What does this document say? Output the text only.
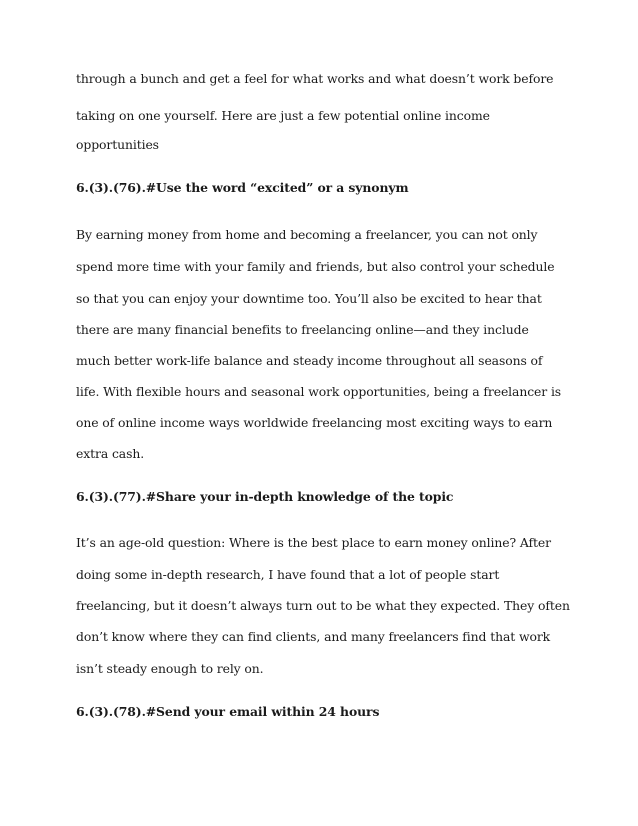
through a bunch and get a feel for what works and what doesn’t work before
taking on one yourself. Here are just a few potential online income
opportunities
6.(3).(76).#Use the word “excited” or a synonym
By earning money from home and becoming a freelancer, you can not only
spend more time with your family and friends, but also control your schedule
so that you can enjoy your downtime too. You’ll also be excited to hear that
there are many financial benefits to freelancing online—and they include
much better work-life balance and steady income throughout all seasons of
life. With flexible hours and seasonal work opportunities, being a freelancer is
one of online income ways worldwide freelancing most exciting ways to earn
extra cash.
6.(3).(77).#Share your in-depth knowledge of the topic
It’s an age-old question: Where is the best place to earn money online? After
doing some in-depth research, I have found that a lot of people start
freelancing, but it doesn’t always turn out to be what they expected. They often
don’t know where they can find clients, and many freelancers find that work
isn’t steady enough to rely on.
6.(3).(78).#Send your email within 24 hours
